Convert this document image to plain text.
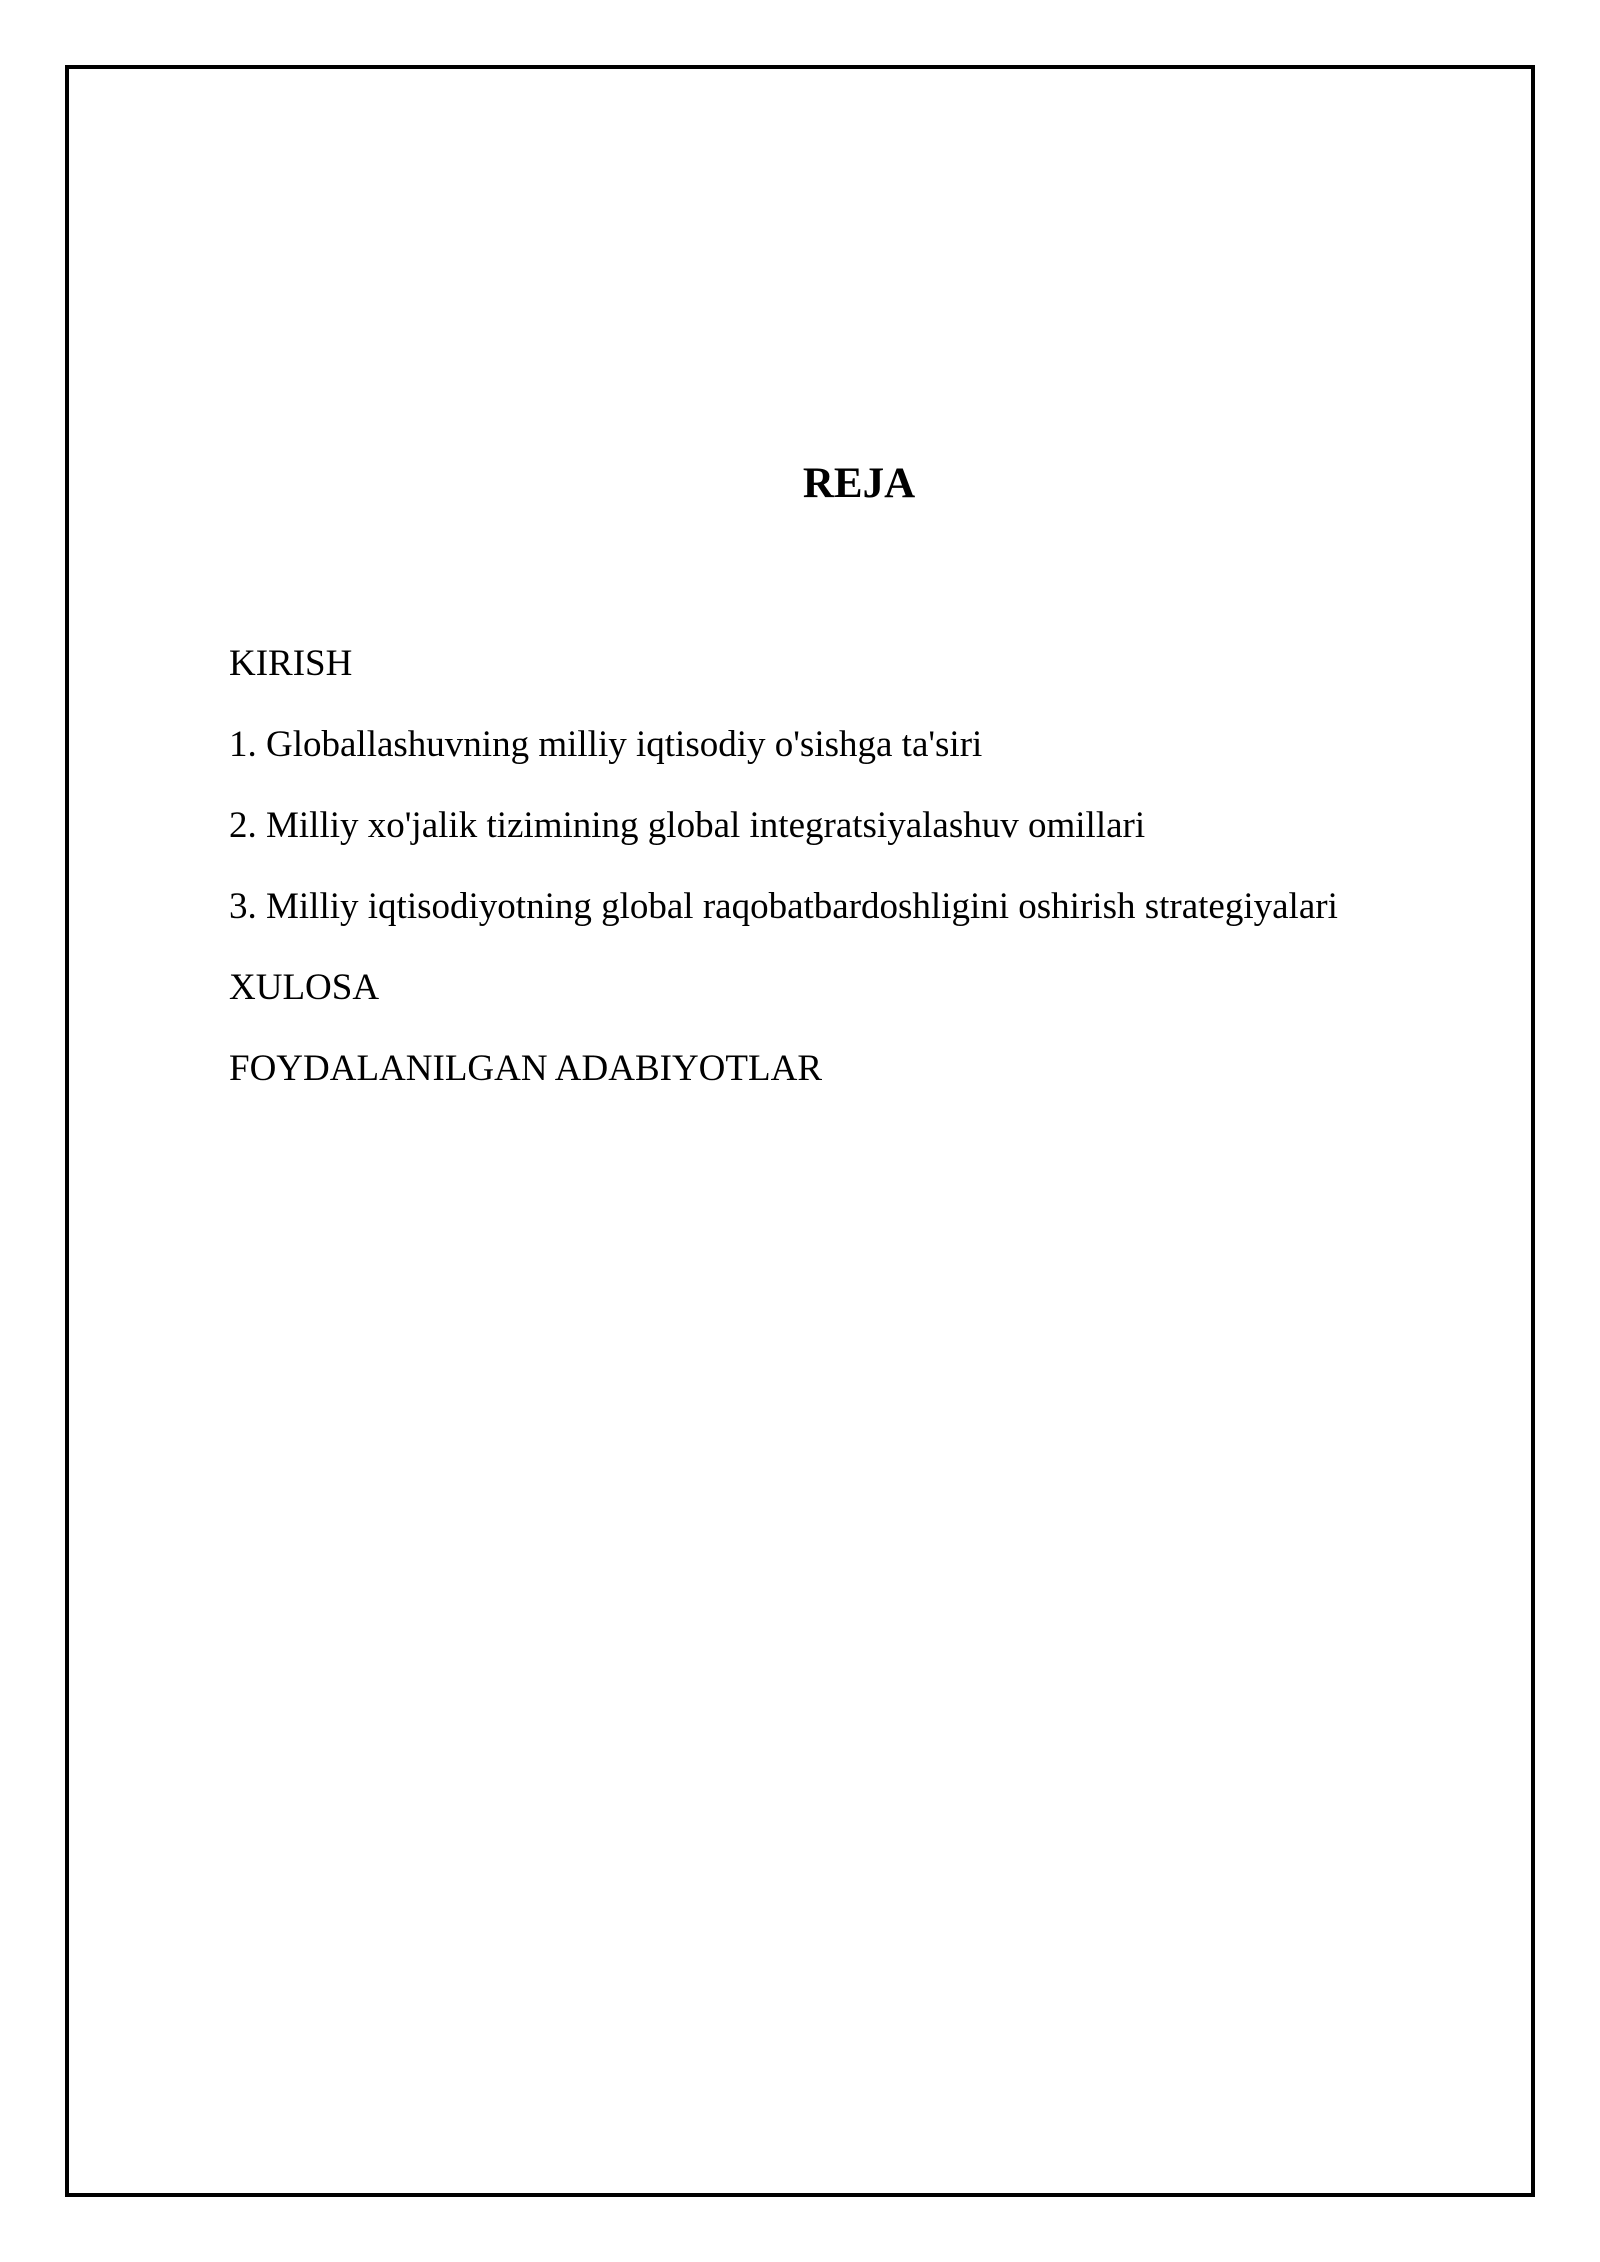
REJA
KIRISH
1. Globallashuvning milliy iqtisodiy o'sishga ta'siri
2. Milliy xo'jalik tizimining global integratsiyalashuv omillari
3. Milliy iqtisodiyotning global raqobatbardoshligini oshirish strategiyalari
XULOSA
FOYDALANILGAN ADABIYOTLAR
